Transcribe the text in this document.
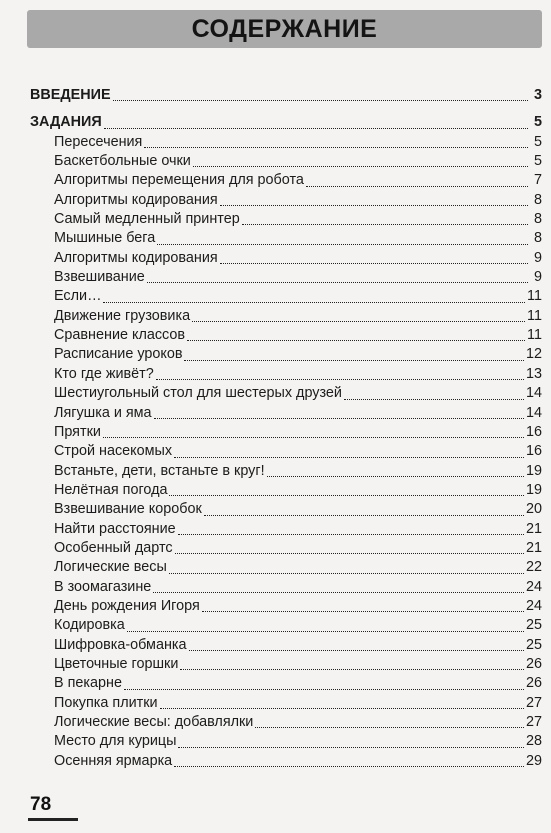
СОДЕРЖАНИЕ
ВВЕДЕНИЕ	3
ЗАДАНИЯ	5
Пересечения	5
Баскетбольные очки	5
Алгоритмы перемещения для робота	7
Алгоритмы кодирования	8
Самый медленный принтер	8
Мышиные бега	8
Алгоритмы кодирования	9
Взвешивание	9
Если…	11
Движение грузовика	11
Сравнение классов	11
Расписание уроков	12
Кто где живёт?	13
Шестиугольный стол для шестерых друзей	14
Лягушка и яма	14
Прятки	16
Строй насекомых	16
Встаньте, дети, встаньте в круг!	19
Нелётная погода	19
Взвешивание коробок	20
Найти расстояние	21
Особенный дартс	21
Логические весы	22
В зоомагазине	24
День рождения Игоря	24
Кодировка	25
Шифровка-обманка	25
Цветочные горшки	26
В пекарне	26
Покупка плитки	27
Логические весы: добавлялки	27
Место для курицы	28
Осенняя ярмарка	29
78
